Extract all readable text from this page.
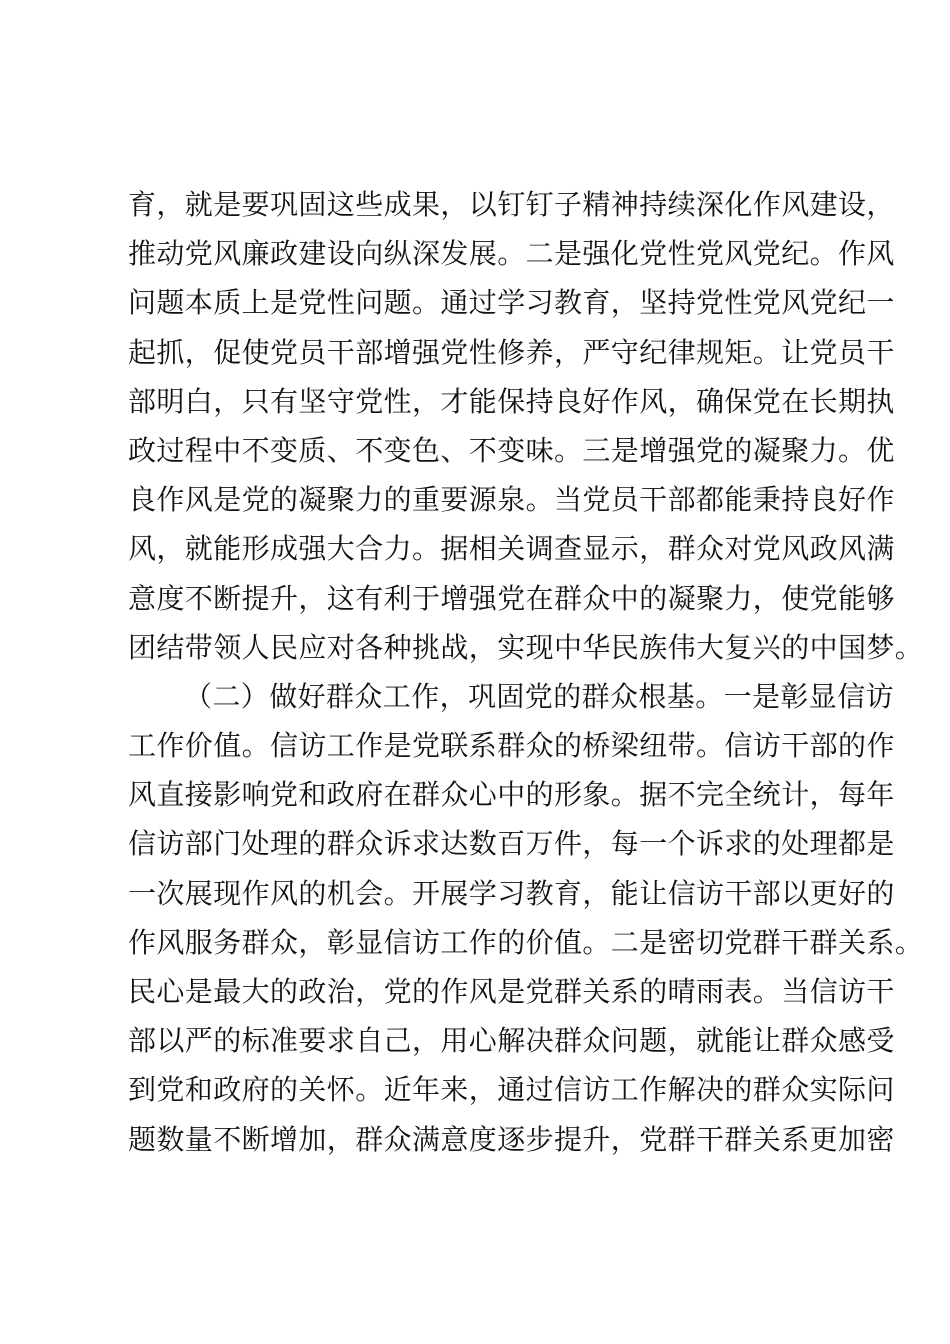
育，就是要巩固这些成果，以钉钉子精神持续深化作风建设，
推动党风廉政建设向纵深发展。二是强化党性党风党纪。作风
问题本质上是党性问题。通过学习教育，坚持党性党风党纪一
起抓，促使党员干部增强党性修养，严守纪律规矩。让党员干
部明白，只有坚守党性，才能保持良好作风，确保党在长期执
政过程中不变质、不变色、不变味。三是增强党的凝聚力。优
良作风是党的凝聚力的重要源泉。当党员干部都能秉持良好作
风，就能形成强大合力。据相关调查显示，群众对党风政风满
意度不断提升，这有利于增强党在群众中的凝聚力，使党能够
团结带领人民应对各种挑战，实现中华民族伟大复兴的中国梦。
（二）做好群众工作，巩固党的群众根基。一是彰显信访
工作价值。信访工作是党联系群众的桥梁纽带。信访干部的作
风直接影响党和政府在群众心中的形象。据不完全统计，每年
信访部门处理的群众诉求达数百万件，每一个诉求的处理都是
一次展现作风的机会。开展学习教育，能让信访干部以更好的
作风服务群众，彰显信访工作的价值。二是密切党群干群关系。
民心是最大的政治，党的作风是党群关系的晴雨表。当信访干
部以严的标准要求自己，用心解决群众问题，就能让群众感受
到党和政府的关怀。近年来，通过信访工作解决的群众实际问
题数量不断增加，群众满意度逐步提升，党群干群关系更加密
